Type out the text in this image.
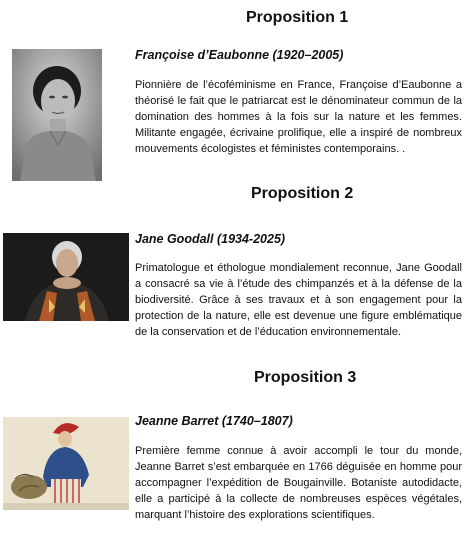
Proposition 1
Françoise d’Eaubonne (1920–2005)

Pionnière de l’écoféminisme en France, Françoise d’Eaubonne a théorisé le fait que le patriarcat est le dénominateur commun de la domination des hommes à la fois sur la nature et les femmes. Militante engagée, écrivaine prolifique, elle a inspiré de nombreux mouvements écologistes et féministes contemporains. .

Proposition 2
Jane Goodall (1934-2025)

Primatologue et éthologue mondialement reconnue, Jane Goodall a consacré sa vie à l’étude des chimpanzés et à la défense de la biodiversité. Grâce à ses travaux et à son engagement pour la protection de la nature, elle est devenue une figure emblématique de la conservation et de l’éducation environnementale.

Proposition 3
Jeanne Barret (1740–1807)

Première femme connue à avoir accompli le tour du monde, Jeanne Barret s’est embarquée en 1766 déguisée en homme pour accompagner l’expédition de Bougainville. Botaniste autodidacte, elle a participé à la collecte de nombreuses espèces végétales, marquant l’histoire des explorations scientifiques.
